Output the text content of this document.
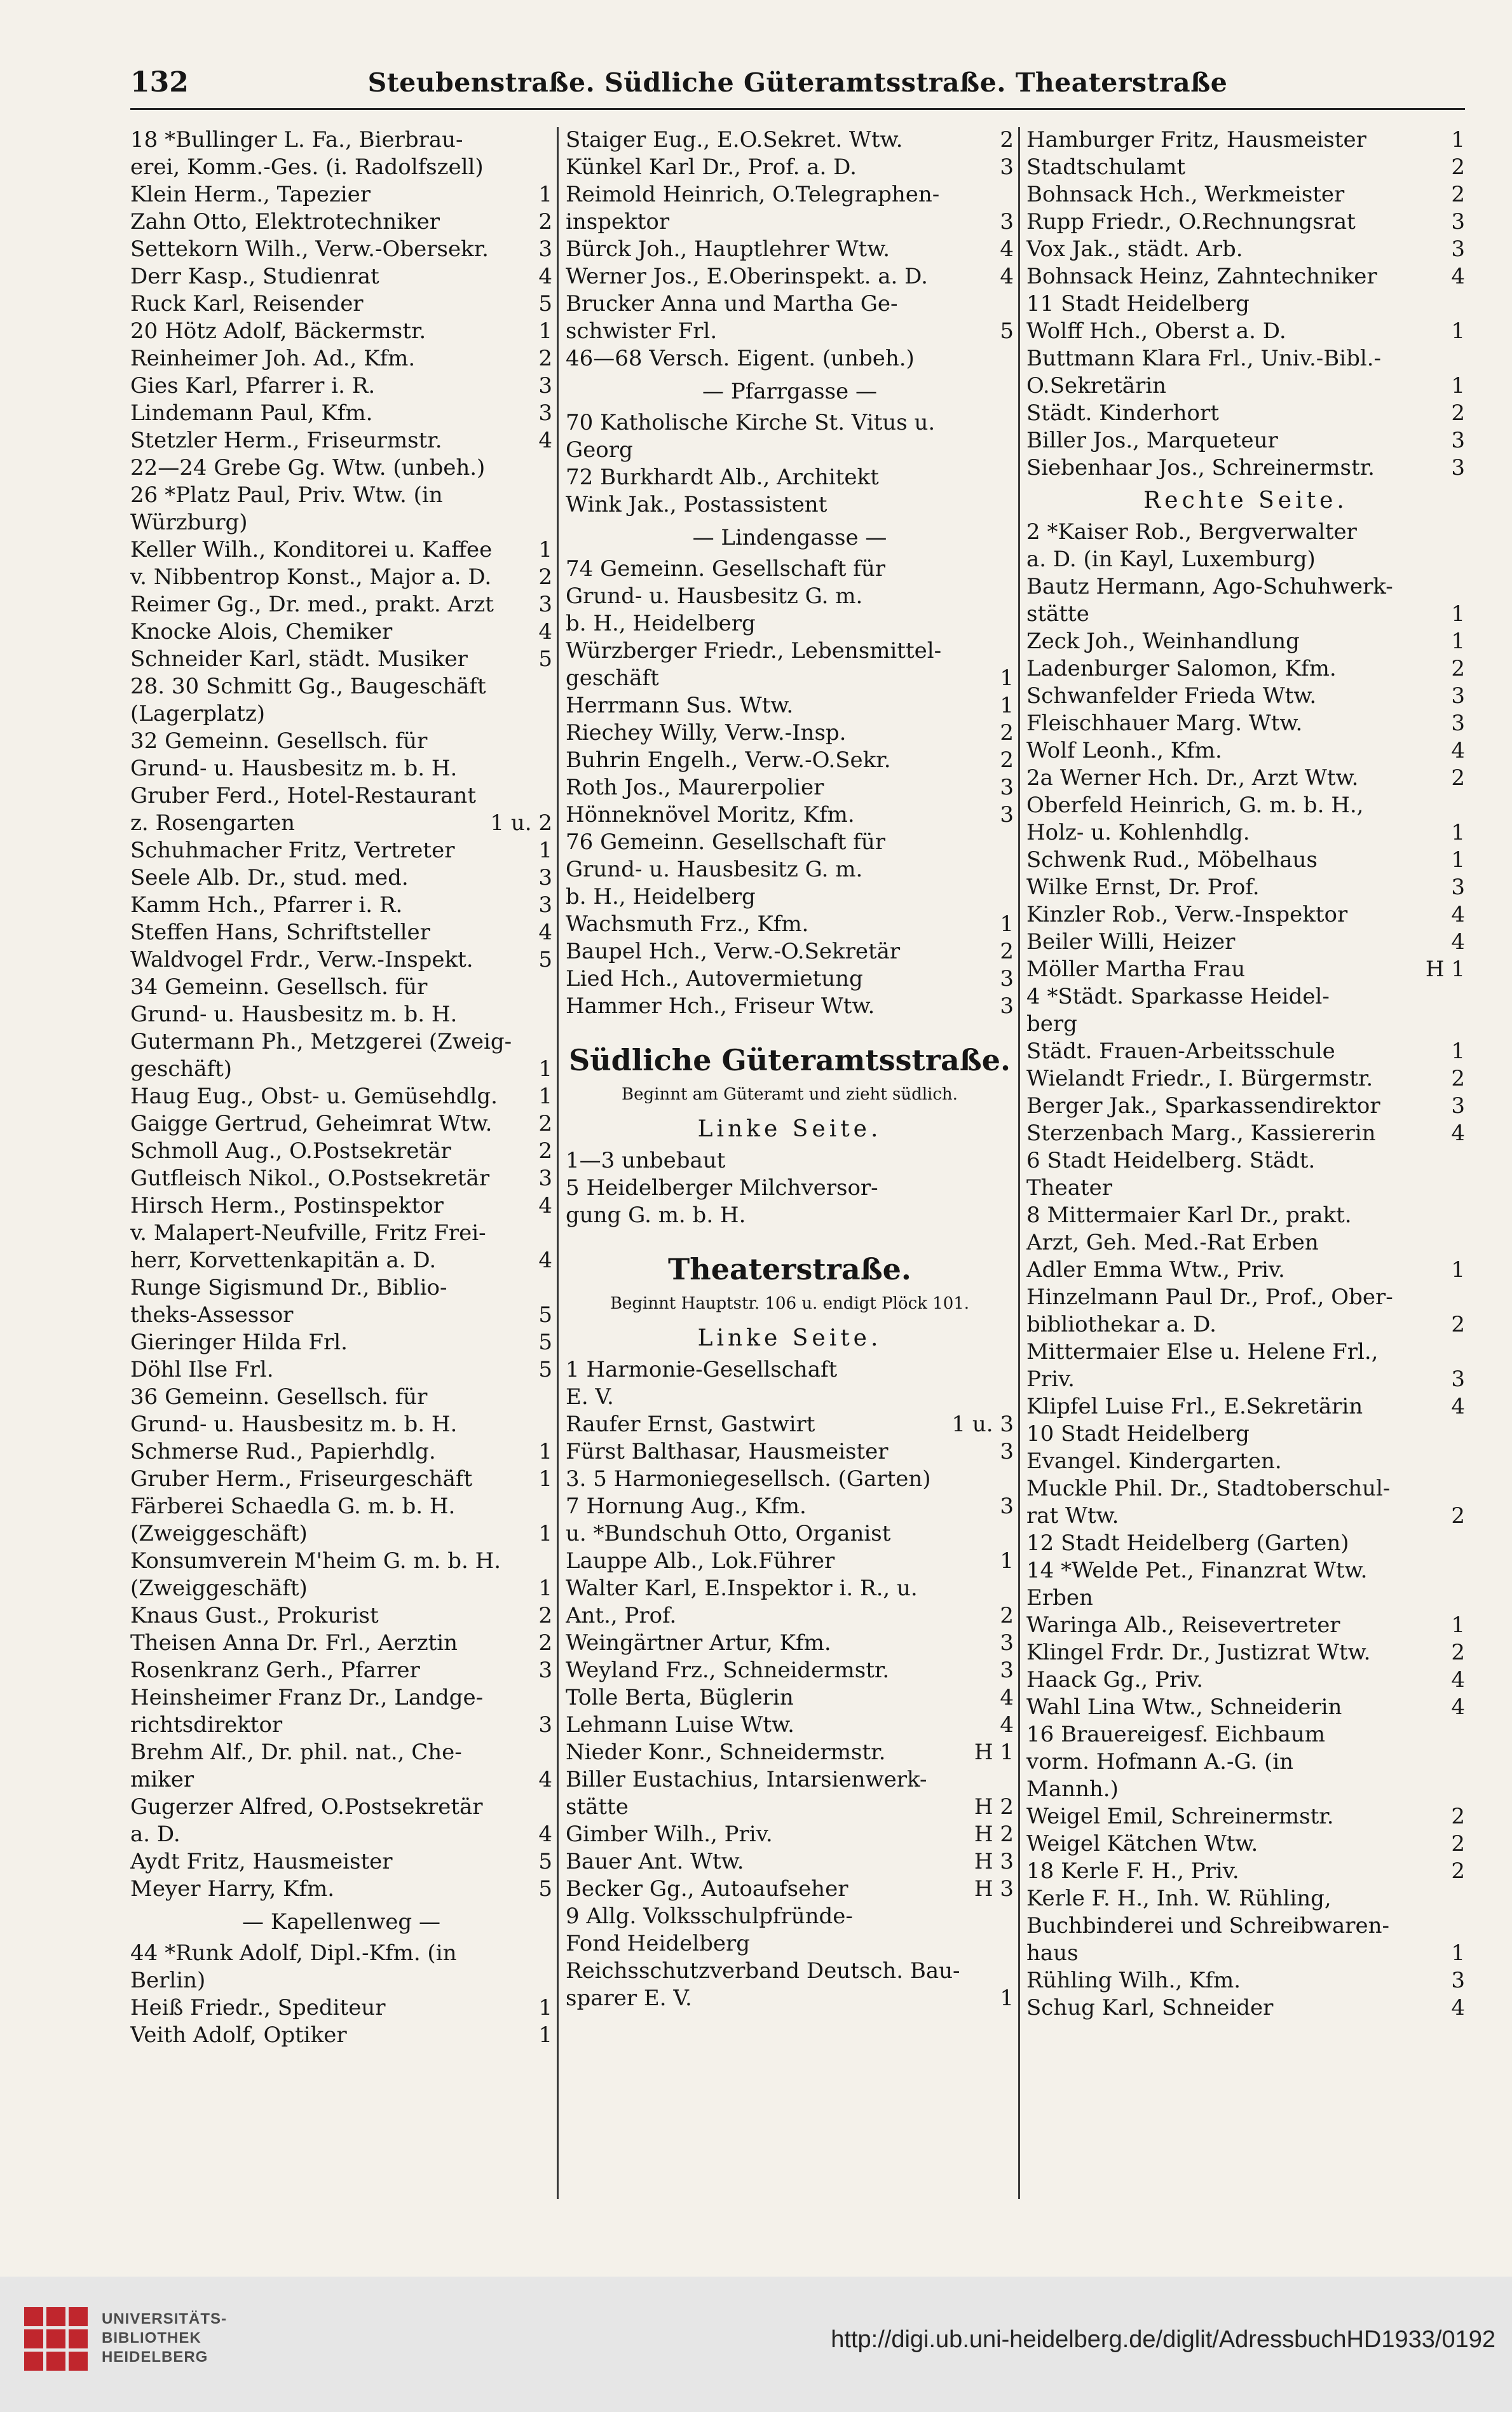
132	Steubenstraße. Südliche Güteramtsstraße. Theaterstraße
18 *Bullinger L. Fa., Bierbrau-
erei, Komm.-Ges. (i. Radolfszell)
Klein Herm., Tapezier	1
Zahn Otto, Elektrotechniker	2
Settekorn Wilh., Verw.-Obersekr.	3
Derr Kasp., Studienrat	4
Ruck Karl, Reisender	5
20 Hötz Adolf, Bäckermstr.	1
Reinheimer Joh. Ad., Kfm.	2
Gies Karl, Pfarrer i. R.	3
Lindemann Paul, Kfm.	3
Stetzler Herm., Friseurmstr.	4
22—24 Grebe Gg. Wtw. (unbeh.)
26 *Platz Paul, Priv. Wtw. (in
Würzburg)
Keller Wilh., Konditorei u. Kaffee	1
v. Nibbentrop Konst., Major a. D.	2
Reimer Gg., Dr. med., prakt. Arzt	3
Knocke Alois, Chemiker	4
Schneider Karl, städt. Musiker	5
28. 30 Schmitt Gg., Baugeschäft
(Lagerplatz)
32 Gemeinn. Gesellsch. für
Grund- u. Hausbesitz m. b. H.
Gruber Ferd., Hotel-Restaurant
z. Rosengarten	1 u. 2
Schuhmacher Fritz, Vertreter	1
Seele Alb. Dr., stud. med.	3
Kamm Hch., Pfarrer i. R.	3
Steffen Hans, Schriftsteller	4
Waldvogel Frdr., Verw.-Inspekt.	5
34 Gemeinn. Gesellsch. für
Grund- u. Hausbesitz m. b. H.
Gutermann Ph., Metzgerei (Zweig-
geschäft)	1
Haug Eug., Obst- u. Gemüsehdlg.	1
Gaigge Gertrud, Geheimrat Wtw.	2
Schmoll Aug., O.Postsekretär	2
Gutfleisch Nikol., O.Postsekretär	3
Hirsch Herm., Postinspektor	4
v. Malapert-Neufville, Fritz Frei-
herr, Korvettenkapitän a. D.	4
Runge Sigismund Dr., Biblio-
theks-Assessor	5
Gieringer Hilda Frl.	5
Döhl Ilse Frl.	5
36 Gemeinn. Gesellsch. für
Grund- u. Hausbesitz m. b. H.
Schmerse Rud., Papierhdlg.	1
Gruber Herm., Friseurgeschäft	1
Färberei Schaedla G. m. b. H.
(Zweiggeschäft)	1
Konsumverein M'heim G. m. b. H.
(Zweiggeschäft)	1
Knaus Gust., Prokurist	2
Theisen Anna Dr. Frl., Aerztin	2
Rosenkranz Gerh., Pfarrer	3
Heinsheimer Franz Dr., Landge-
richtsdirektor	3
Brehm Alf., Dr. phil. nat., Che-
miker	4
Gugerzer Alfred, O.Postsekretär
a. D.	4
Aydt Fritz, Hausmeister	5
Meyer Harry, Kfm.	5
— Kapellenweg —
44 *Runk Adolf, Dipl.-Kfm. (in
Berlin)
Heiß Friedr., Spediteur	1
Veith Adolf, Optiker	1
Staiger Eug., E.O.Sekret. Wtw.	2
Künkel Karl Dr., Prof. a. D.	3
Reimold Heinrich, O.Telegraphen-
inspektor	3
Bürck Joh., Hauptlehrer Wtw.	4
Werner Jos., E.Oberinspekt. a. D.	4
Brucker Anna und Martha Ge-
schwister Frl.	5
46—68 Versch. Eigent. (unbeh.)
— Pfarrgasse —
70 Katholische Kirche St. Vitus u.
Georg
72 Burkhardt Alb., Architekt
Wink Jak., Postassistent
— Lindengasse —
74 Gemeinn. Gesellschaft für
Grund- u. Hausbesitz G. m.
b. H., Heidelberg
Würzberger Friedr., Lebensmittel-
geschäft	1
Herrmann Sus. Wtw.	1
Riechey Willy, Verw.-Insp.	2
Buhrin Engelh., Verw.-O.Sekr.	2
Roth Jos., Maurerpolier	3
Hönneknövel Moritz, Kfm.	3
76 Gemeinn. Gesellschaft für
Grund- u. Hausbesitz G. m.
b. H., Heidelberg
Wachsmuth Frz., Kfm.	1
Baupel Hch., Verw.-O.Sekretär	2
Lied Hch., Autovermietung	3
Hammer Hch., Friseur Wtw.	3
Südliche Güteramtsstraße.
Beginnt am Güteramt und zieht südlich.
Linke Seite.
1—3 unbebaut
5 Heidelberger Milchversor-
gung G. m. b. H.
Theaterstraße.
Beginnt Hauptstr. 106 u. endigt Plöck 101.
Linke Seite.
1 Harmonie-Gesellschaft
E. V.
Raufer Ernst, Gastwirt	1 u. 3
Fürst Balthasar, Hausmeister	3
3. 5 Harmoniegesellsch. (Garten)
7 Hornung Aug., Kfm.	3
u. *Bundschuh Otto, Organist
Lauppe Alb., Lok.Führer	1
Walter Karl, E.Inspektor i. R., u.
Ant., Prof.	2
Weingärtner Artur, Kfm.	3
Weyland Frz., Schneidermstr.	3
Tolle Berta, Büglerin	4
Lehmann Luise Wtw.	4
Nieder Konr., Schneidermstr.	H 1
Biller Eustachius, Intarsienwerk-
stätte	H 2
Gimber Wilh., Priv.	H 2
Bauer Ant. Wtw.	H 3
Becker Gg., Autoaufseher	H 3
9 Allg. Volksschulpfründe-
Fond Heidelberg
Reichsschutzverband Deutsch. Bau-
sparer E. V.	1
Hamburger Fritz, Hausmeister	1
Stadtschulamt	2
Bohnsack Hch., Werkmeister	2
Rupp Friedr., O.Rechnungsrat	3
Vox Jak., städt. Arb.	3
Bohnsack Heinz, Zahntechniker	4
11 Stadt Heidelberg
Wolff Hch., Oberst a. D.	1
Buttmann Klara Frl., Univ.-Bibl.-
O.Sekretärin	1
Städt. Kinderhort	2
Biller Jos., Marqueteur	3
Siebenhaar Jos., Schreinermstr.	3
Rechte Seite.
2 *Kaiser Rob., Bergverwalter
a. D. (in Kayl, Luxemburg)
Bautz Hermann, Ago-Schuhwerk-
stätte	1
Zeck Joh., Weinhandlung	1
Ladenburger Salomon, Kfm.	2
Schwanfelder Frieda Wtw.	3
Fleischhauer Marg. Wtw.	3
Wolf Leonh., Kfm.	4
2a Werner Hch. Dr., Arzt Wtw.	2
Oberfeld Heinrich, G. m. b. H.,
Holz- u. Kohlenhdlg.	1
Schwenk Rud., Möbelhaus	1
Wilke Ernst, Dr. Prof.	3
Kinzler Rob., Verw.-Inspektor	4
Beiler Willi, Heizer	4
Möller Martha Frau	H 1
4 *Städt. Sparkasse Heidel-
berg
Städt. Frauen-Arbeitsschule	1
Wielandt Friedr., I. Bürgermstr.	2
Berger Jak., Sparkassendirektor	3
Sterzenbach Marg., Kassiererin	4
6 Stadt Heidelberg. Städt.
Theater
8 Mittermaier Karl Dr., prakt.
Arzt, Geh. Med.-Rat Erben
Adler Emma Wtw., Priv.	1
Hinzelmann Paul Dr., Prof., Ober-
bibliothekar a. D.	2
Mittermaier Else u. Helene Frl.,
Priv.	3
Klipfel Luise Frl., E.Sekretärin	4
10 Stadt Heidelberg
Evangel. Kindergarten.
Muckle Phil. Dr., Stadtoberschul-
rat Wtw.	2
12 Stadt Heidelberg (Garten)
14 *Welde Pet., Finanzrat Wtw.
Erben
Waringa Alb., Reisevertreter	1
Klingel Frdr. Dr., Justizrat Wtw.	2
Haack Gg., Priv.	4
Wahl Lina Wtw., Schneiderin	4
16 Brauereigesf. Eichbaum
vorm. Hofmann A.-G. (in
Mannh.)
Weigel Emil, Schreinermstr.	2
Weigel Kätchen Wtw.	2
18 Kerle F. H., Priv.	2
Kerle F. H., Inh. W. Rühling,
Buchbinderei und Schreibwaren-
haus	1
Rühling Wilh., Kfm.	3
Schug Karl, Schneider	4
UNIVERSITÄTS-
BIBLIOTHEK
HEIDELBERG
http://digi.ub.uni-heidelberg.de/diglit/AdressbuchHD1933/0192
